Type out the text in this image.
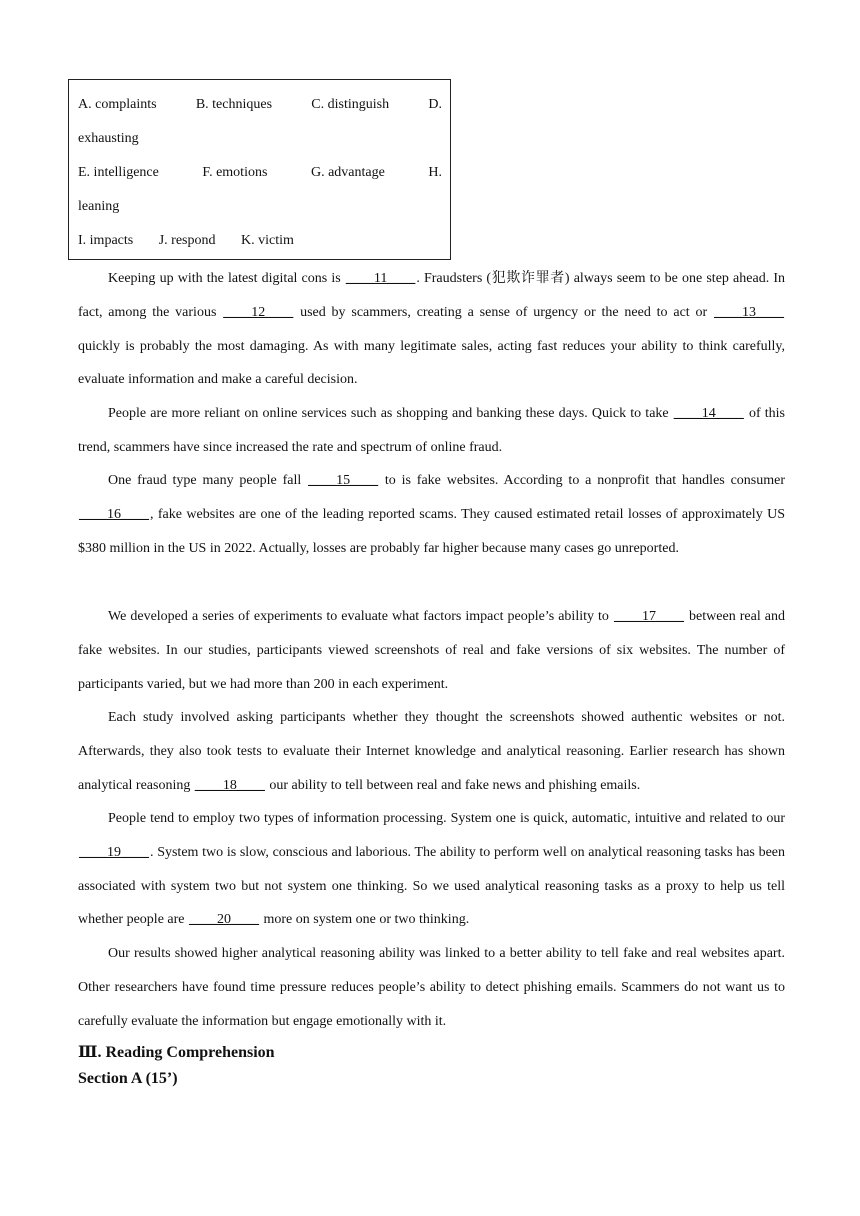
A. complaints	B. techniques	C. distinguish	D.
exhausting
E. intelligence	F. emotions	G. advantage	H.
leaning
I. impacts J. respond K. victim

Keeping up with the latest digital cons is ____11____. Fraudsters (犯欺诈罪者) always seem to be one step ahead. In fact, among the various ____12____ used by scammers, creating a sense of urgency or the need to act or ____13____ quickly is probably the most damaging. As with many legitimate sales, acting fast reduces your ability to think carefully, evaluate information and make a careful decision.

People are more reliant on online services such as shopping and banking these days. Quick to take ____14____ of this trend, scammers have since increased the rate and spectrum of online fraud.

One fraud type many people fall ____15____ to is fake websites. According to a nonprofit that handles consumer ____16____, fake websites are one of the leading reported scams. They caused estimated retail losses of approximately US $380 million in the US in 2022. Actually, losses are probably far higher because many cases go unreported.

We developed a series of experiments to evaluate what factors impact people’s ability to ____17____ between real and fake websites. In our studies, participants viewed screenshots of real and fake versions of six websites. The number of participants varied, but we had more than 200 in each experiment.

Each study involved asking participants whether they thought the screenshots showed authentic websites or not. Afterwards, they also took tests to evaluate their Internet knowledge and analytical reasoning. Earlier research has shown analytical reasoning ____18____ our ability to tell between real and fake news and phishing emails.

People tend to employ two types of information processing. System one is quick, automatic, intuitive and related to our ____19____. System two is slow, conscious and laborious. The ability to perform well on analytical reasoning tasks has been associated with system two but not system one thinking. So we used analytical reasoning tasks as a proxy to help us tell whether people are ____20____ more on system one or two thinking.

Our results showed higher analytical reasoning ability was linked to a better ability to tell fake and real websites apart. Other researchers have found time pressure reduces people’s ability to detect phishing emails. Scammers do not want us to carefully evaluate the information but engage emotionally with it.

Ⅲ. Reading Comprehension

Section A (15’)
